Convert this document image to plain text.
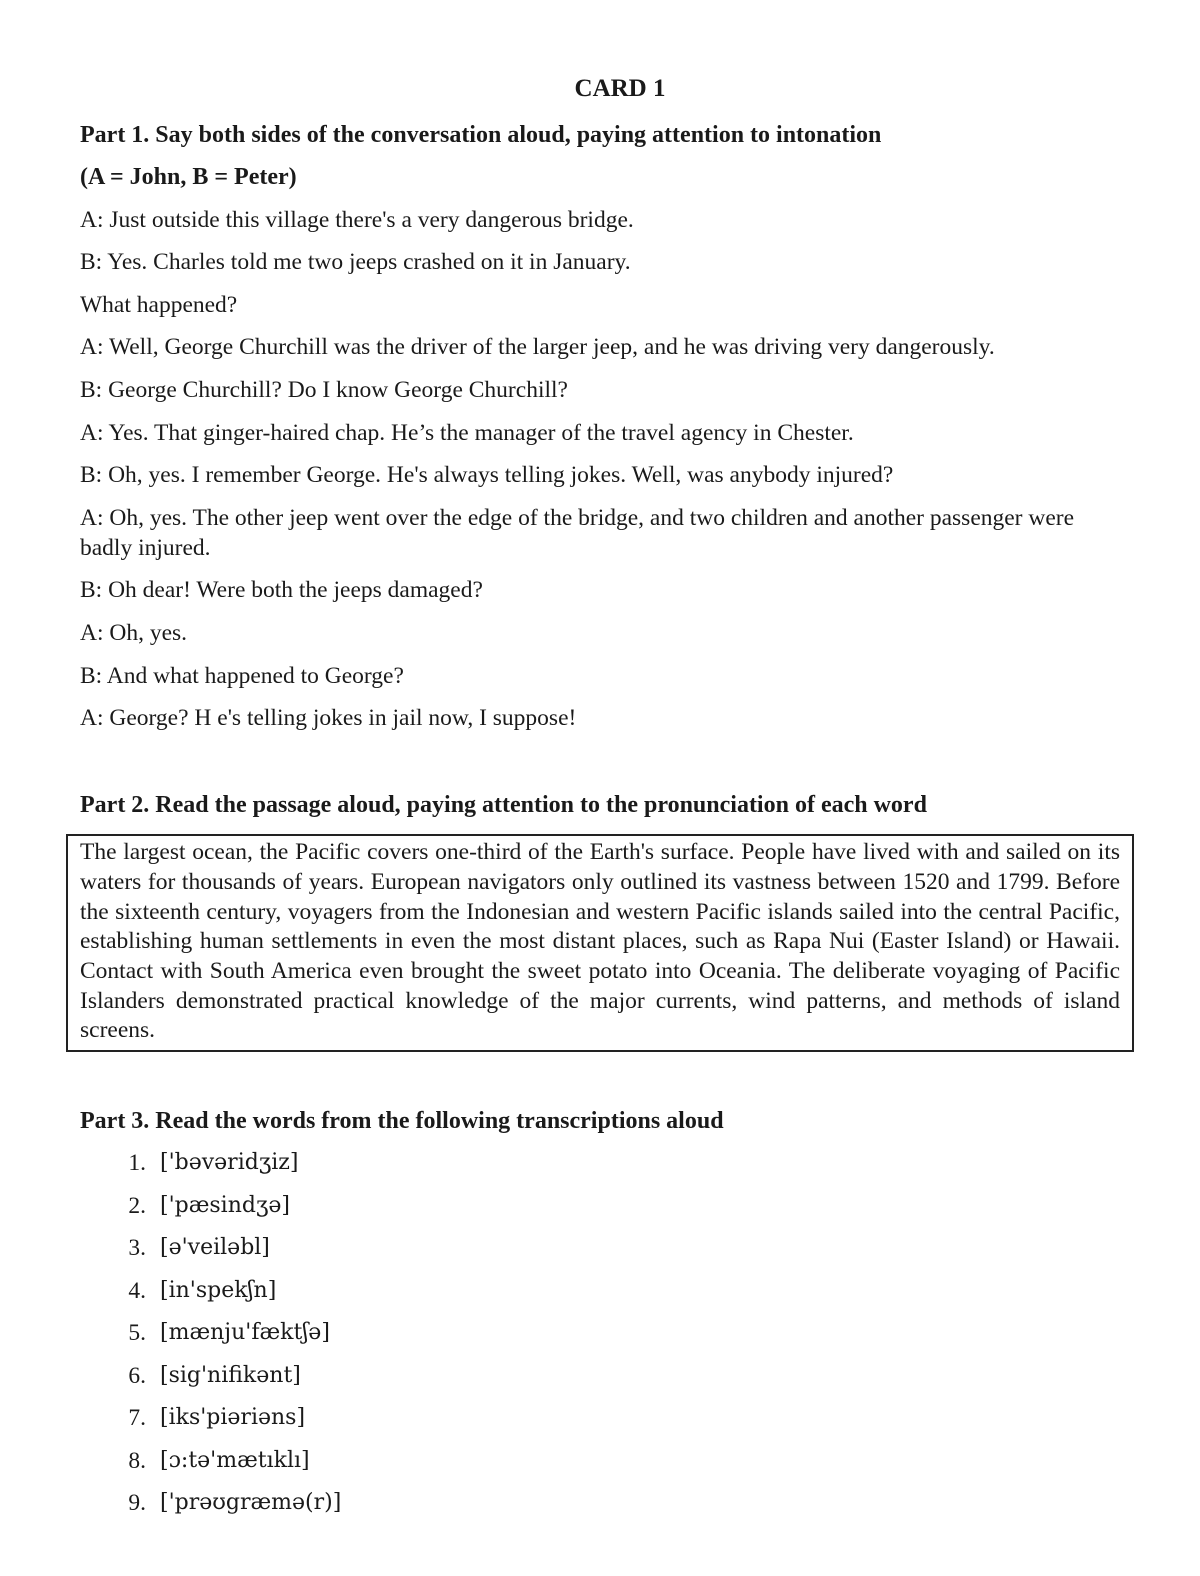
CARD 1
Part 1. Say both sides of the conversation aloud, paying attention to intonation

(A = John, B = Peter)

A: Just outside this village there's a very dangerous bridge.
B: Yes. Charles told me two jeeps crashed on it in January.
What happened?
A: Well, George Churchill was the driver of the larger jeep, and he was driving very dangerously.
B: George Churchill? Do I know George Churchill?
A: Yes. That ginger-haired chap. He’s the manager of the travel agency in Chester.
B: Oh, yes. I remember George. He's always telling jokes. Well, was anybody injured?
A: Oh, yes. The other jeep went over the edge of the bridge, and two children and another passenger were badly injured.
B: Oh dear! Were both the jeeps damaged?
A: Oh, yes.
B: And what happened to George?
A: George? H e's telling jokes in jail now, I suppose!
Part 2. Read the passage aloud, paying attention to the pronunciation of each word
The largest ocean, the Pacific covers one-third of the Earth's surface. People have lived with and sailed on its waters for thousands of years. European navigators only outlined its vastness between 1520 and 1799. Before the sixteenth century, voyagers from the Indonesian and western Pacific islands sailed into the central Pacific, establishing human settlements in even the most distant places, such as Rapa Nui (Easter Island) or Hawaii. Contact with South America even brought the sweet potato into Oceania. The deliberate voyaging of Pacific Islanders demonstrated practical knowledge of the major currents, wind patterns, and methods of island screens.
Part 3. Read the words from the following transcriptions aloud
1. ['bəvəridʒiz]
2. ['pæsindʒə]
3. [ə'veiləbl]
4. [in'spekʃn]
5. [mænju'fæktʃə]
6. [sig'nifikənt]
7. [iks'piəriəns]
8. [ɔ:tə'mætıklı]
9. ['prəʊgræmə(r)]
